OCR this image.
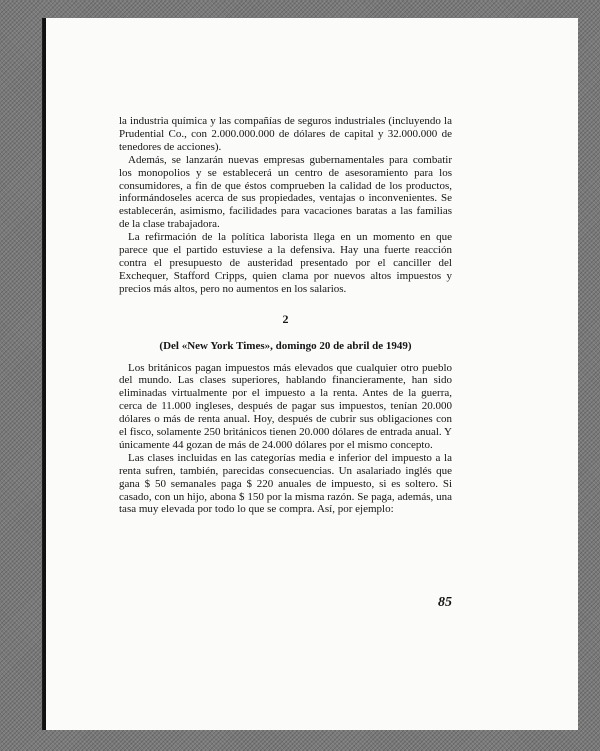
la industria química y las compañías de seguros industriales (incluyendo la Prudential Co., con 2.000.000.000 de dólares de capital y 32.000.000 de tenedores de acciones).

Además, se lanzarán nuevas empresas gubernamentales para combatir los monopolios y se establecerá un centro de asesoramiento para los consumidores, a fin de que éstos comprueben la calidad de los productos, informándoseles acerca de sus propiedades, ventajas o inconvenientes. Se establecerán, asimismo, facilidades para vacaciones baratas a las familias de la clase trabajadora.

La refirmación de la política laborista llega en un momento en que parece que el partido estuviese a la defensiva. Hay una fuerte reacción contra el presupuesto de austeridad presentado por el canciller del Exchequer, Stafford Cripps, quien clama por nuevos altos impuestos y precios más altos, pero no aumentos en los salarios.

2
(Del «New York Times», domingo 20 de abril de 1949)

Los británicos pagan impuestos más elevados que cualquier otro pueblo del mundo. Las clases superiores, hablando financieramente, han sido eliminadas virtualmente por el impuesto a la renta. Antes de la guerra, cerca de 11.000 ingleses, después de pagar sus impuestos, tenían 20.000 dólares o más de renta anual. Hoy, después de cubrir sus obligaciones con el fisco, solamente 250 británicos tienen 20.000 dólares de entrada anual. Y únicamente 44 gozan de más de 24.000 dólares por el mismo concepto.

Las clases incluidas en las categorías media e inferior del impuesto a la renta sufren, también, parecidas consecuencias. Un asalariado inglés que gana $ 50 semanales paga $ 220 anuales de impuesto, si es soltero. Si casado, con un hijo, abona $ 150 por la misma razón. Se paga, además, una tasa muy elevada por todo lo que se compra. Así, por ejemplo:

85
